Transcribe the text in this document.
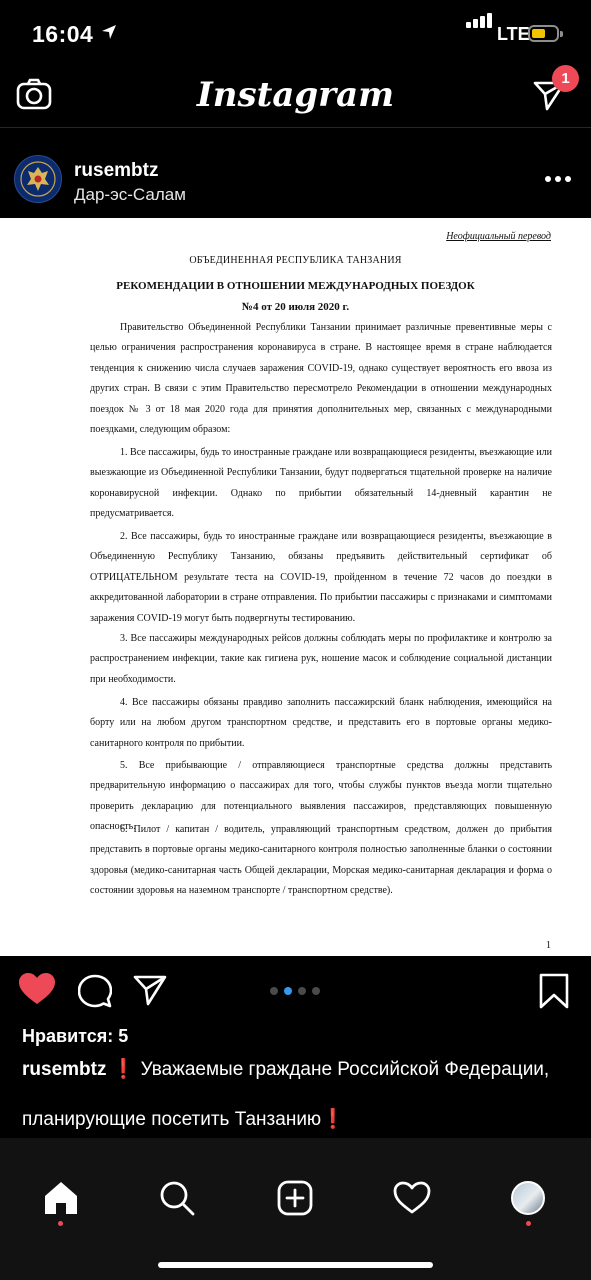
16:04	LTE
Instagram	1
rusembtz
Дар-эс-Салам
Неофициальный перевод
ОБЪЕДИНЕННАЯ РЕСПУБЛИКА ТАНЗАНИЯ
РЕКОМЕНДАЦИИ В ОТНОШЕНИИ МЕЖДУНАРОДНЫХ ПОЕЗДОК
№4 от 20 июля 2020 г.

Правительство Объединенной Республики Танзании принимает различные превентивные меры с целью ограничения распространения коронавируса в стране. В настоящее время в стране наблюдается тенденция к снижению числа случаев заражения COVID-19, однако существует вероятность его ввоза из других стран. В связи с этим Правительство пересмотрело Рекомендации в отношении международных поездок № 3 от 18 мая 2020 года для принятия дополнительных мер, связанных с международными поездками, следующим образом:

1. Все пассажиры, будь то иностранные граждане или возвращающиеся резиденты, въезжающие или выезжающие из Объединенной Республики Танзании, будут подвергаться тщательной проверке на наличие коронавирусной инфекции. Однако по прибытии обязательный 14-дневный карантин не предусматривается.

2. Все пассажиры, будь то иностранные граждане или возвращающиеся резиденты, въезжающие в Объединенную Республику Танзанию, обязаны предъявить действительный сертификат об ОТРИЦАТЕЛЬНОМ результате теста на COVID-19, пройденном в течение 72 часов до поездки в аккредитованной лаборатории в стране отправления. По прибытии пассажиры с признаками и симптомами заражения COVID-19 могут быть подвергнуты тестированию.

3. Все пассажиры международных рейсов должны соблюдать меры по профилактике и контролю за распространением инфекции, такие как гигиена рук, ношение масок и соблюдение социальной дистанции при необходимости.

4. Все пассажиры обязаны правдиво заполнить пассажирский бланк наблюдения, имеющийся на борту или на любом другом транспортном средстве, и представить его в портовые органы медико-санитарного контроля по прибытии.

5. Все прибывающие / отправляющиеся транспортные средства должны представить предварительную информацию о пассажирах для того, чтобы службы пунктов въезда могли тщательно проверить декларацию для потенциального выявления пассажиров, представляющих повышенную опасность.

6. Пилот / капитан / водитель, управляющий транспортным средством, должен до прибытия представить в портовые органы медико-санитарного контроля полностью заполненные бланки о состоянии здоровья (медико-санитарная часть Общей декларации, Морская медико-санитарная декларация и форма о состоянии здоровья на наземном транспорте / транспортном средстве).

1
Нравится: 5
rusembtz ❗ Уважаемые граждане Российской Федерации,
планирующие посетить Танзанию❗
